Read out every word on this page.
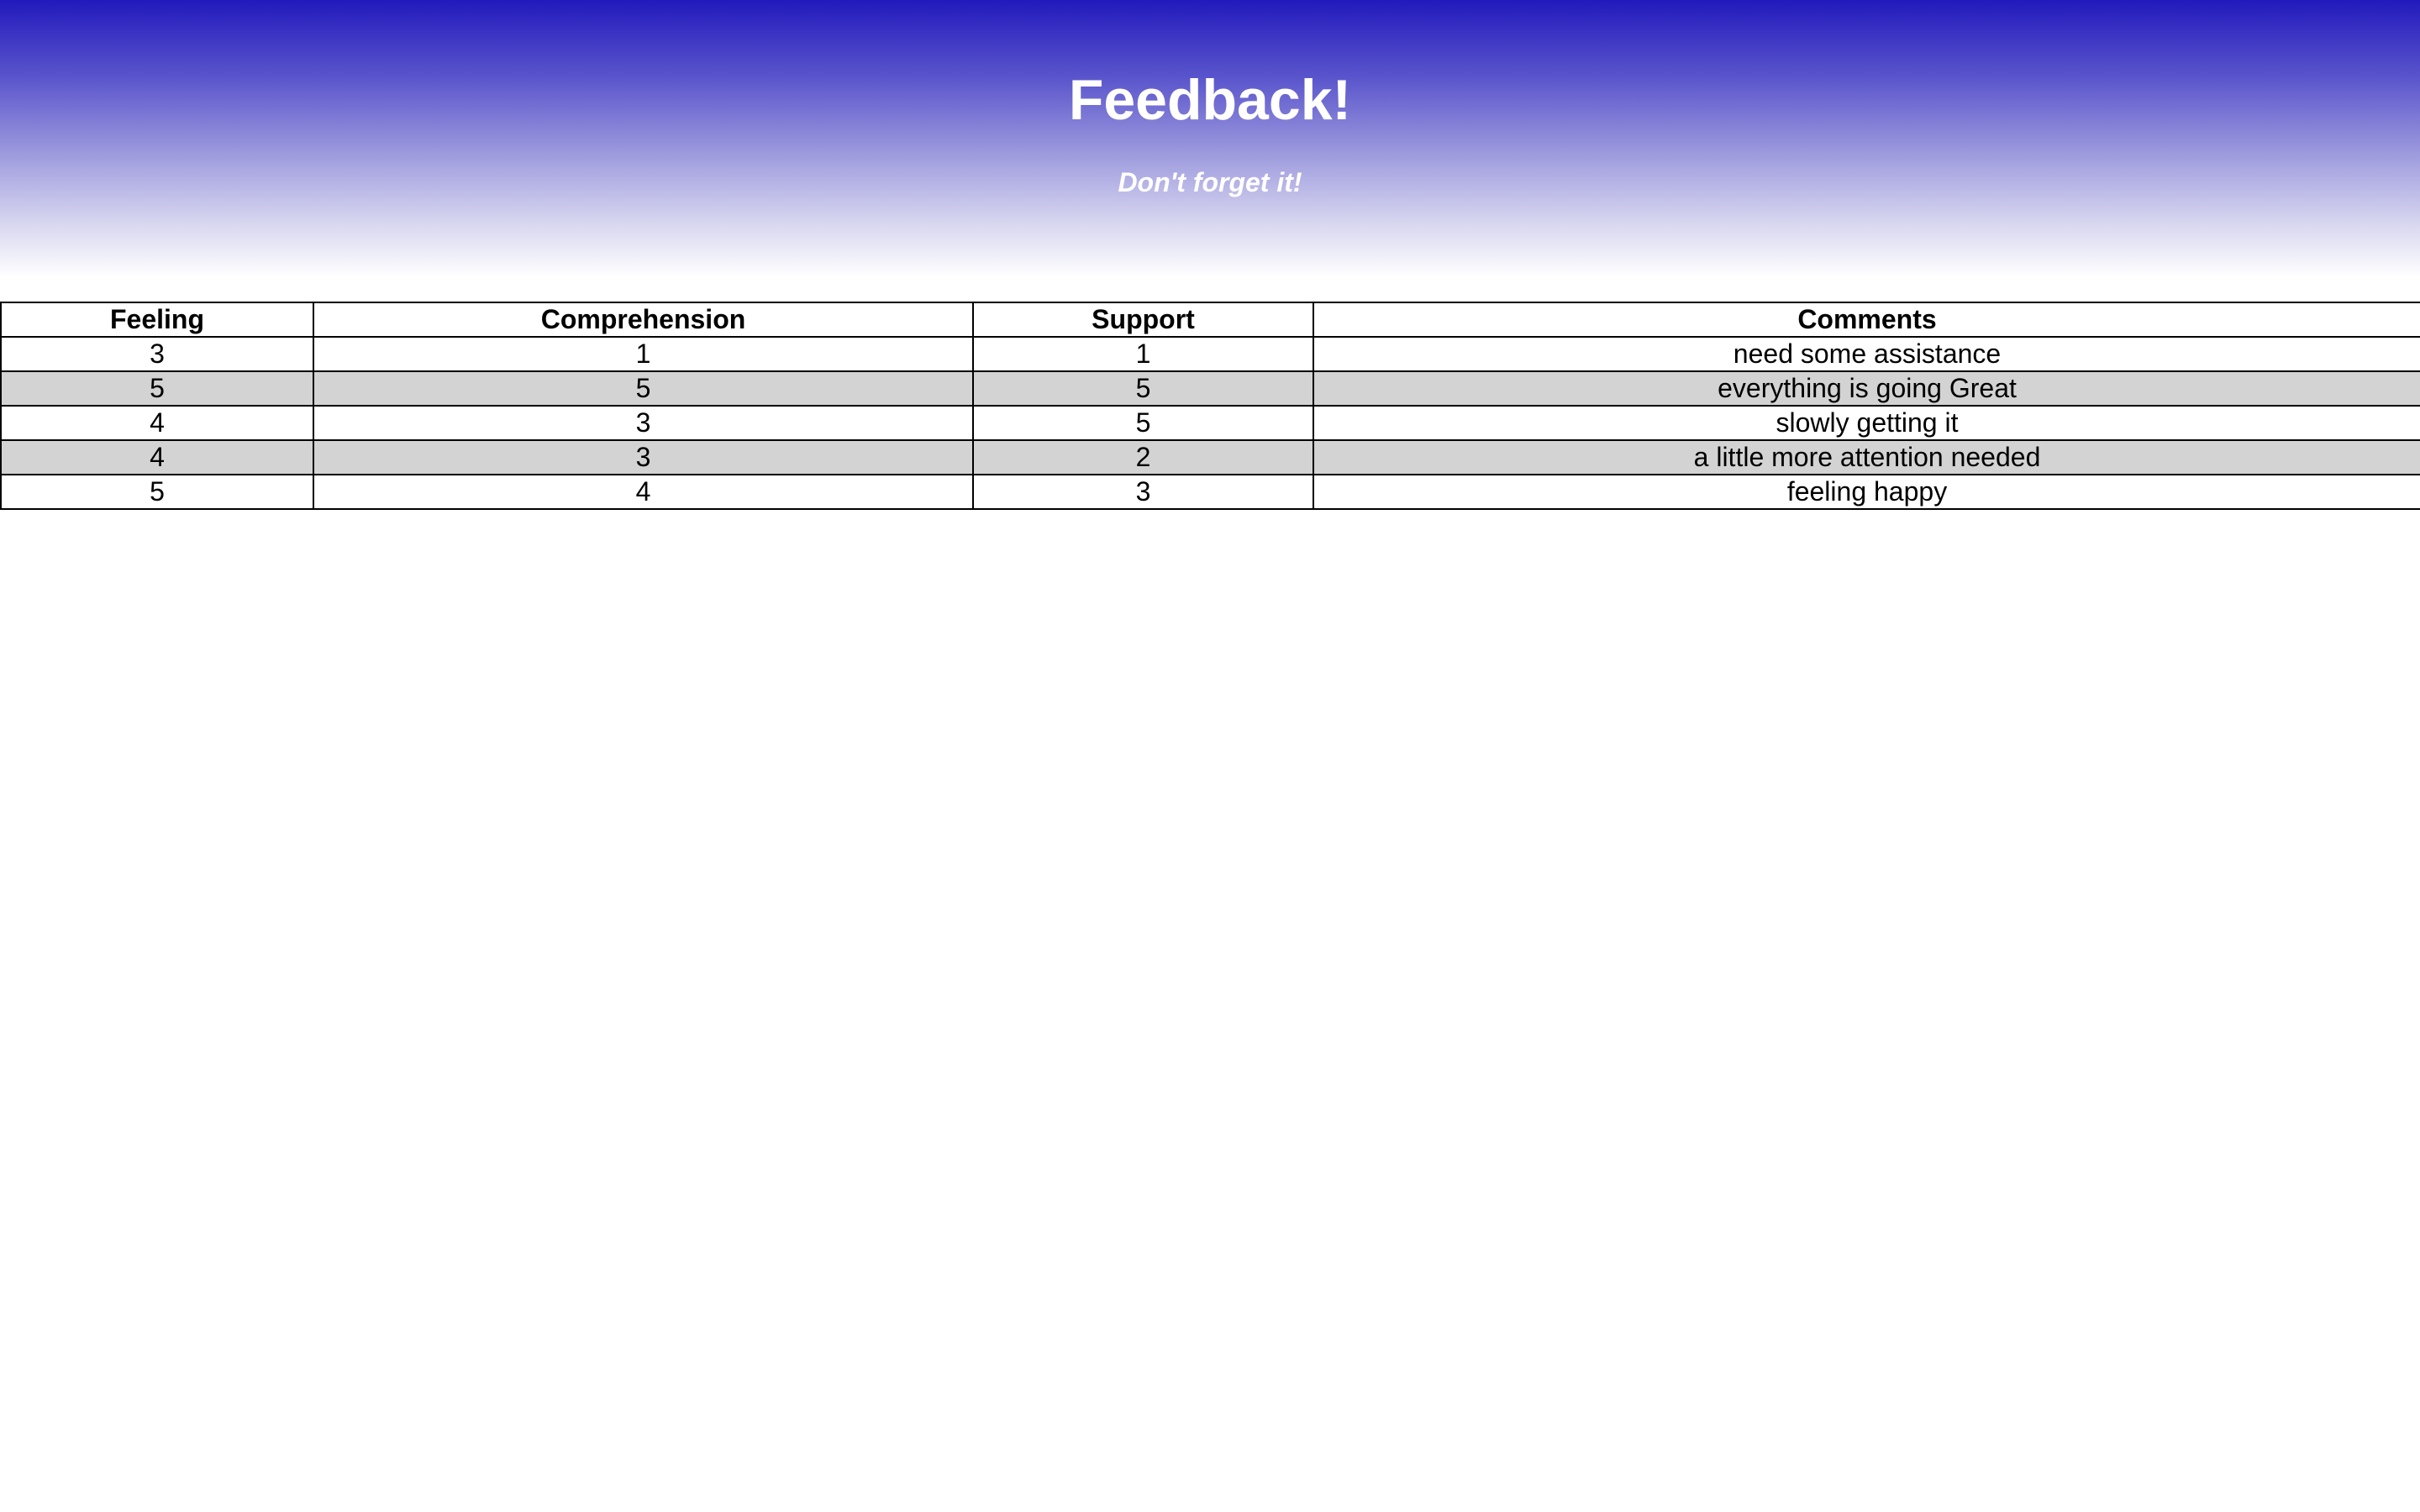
Feedback!

Don't forget it!

Feeling	Comprehension	Support	Comments
3	1	1	need some assistance
5	5	5	everything is going Great
4	3	5	slowly getting it
4	3	2	a little more attention needed
5	4	3	feeling happy
